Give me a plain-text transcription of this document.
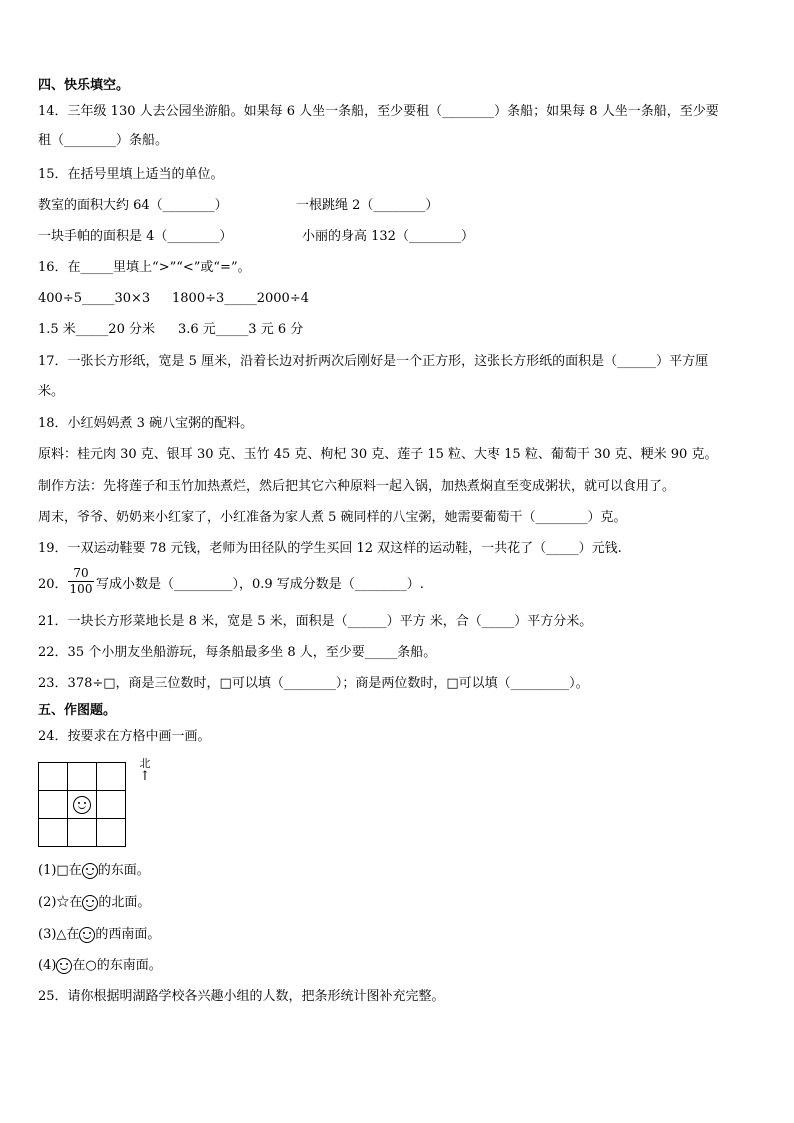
四、快乐填空。
14．三年级 130 人去公园坐游船。如果每 6 人坐一条船，至少要租（________）条船；如果每 8 人坐一条船，至少要
租（________）条船。
15．在括号里填上适当的单位。
教室的面积大约 64（________）	一根跳绳 2（________）
一块手帕的面积是 4（________）	小丽的身高 132（________）
16．在_____里填上“>”“<”或“=”。
400÷5_____30×3 1800÷3_____2000÷4
1.5 米_____20 分米 3.6 元_____3 元 6 分
17．一张长方形纸，宽是 5 厘米，沿着长边对折两次后刚好是一个正方形，这张长方形纸的面积是（______）平方厘
米。
18．小红妈妈煮 3 碗八宝粥的配料。
原料：桂元肉 30 克、银耳 30 克、玉竹 45 克、枸杞 30 克、莲子 15 粒、大枣 15 粒、葡萄干 30 克、粳米 90 克。
制作方法：先将莲子和玉竹加热煮烂，然后把其它六种原料一起入锅，加热煮焖直至变成粥状，就可以食用了。
周末，爷爷、奶奶来小红家了，小红准备为家人煮 5 碗同样的八宝粥，她需要葡萄干（________）克。
19．一双运动鞋要 78 元钱，老师为田径队的学生买回 12 双这样的运动鞋，一共花了（_____）元钱.
20． $\frac{70}{100}$ 写成小数是（_________），0.9 写成分数是（________）.
21．一块长方形菜地长是 8 米，宽是 5 米，面积是（______）平方 米，合（_____）平方分米。
22．35 个小朋友坐船游玩，每条船最多坐 8 人，至少要_____条船。
23．378÷□，商是三位数时，□可以填（________）；商是两位数时，□可以填（_________）。
五、作图题。
24．按要求在方格中画一画。

北
↑
(1)□在 的东面。
(2)☆在 的北面。
(3)△在 的西南面。
(4) 在○的东南面。
25．请你根据明湖路学校各兴趣小组的人数，把条形统计图补充完整。
